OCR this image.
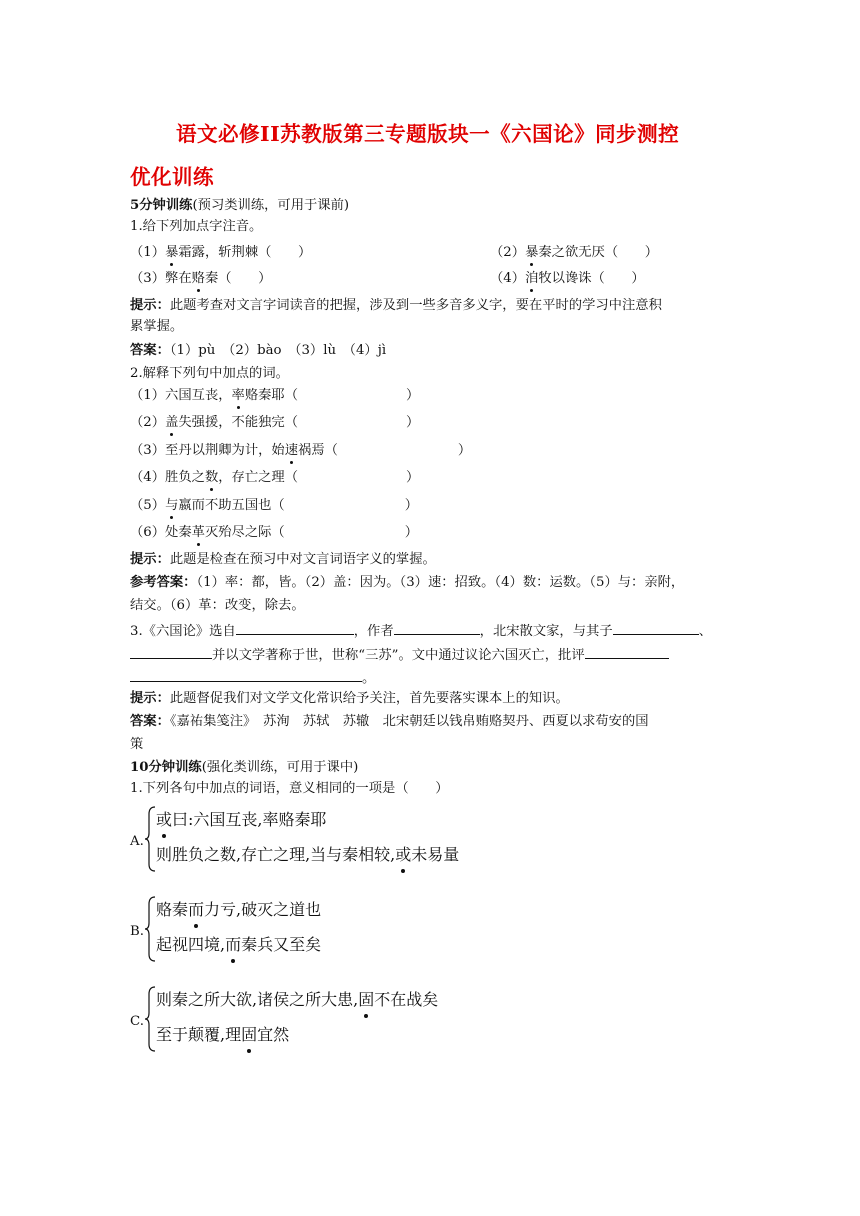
语文必修II苏教版第三专题版块一《六国论》同步测控
优化训练
5分钟训练(预习类训练，可用于课前)
1.给下列加点字注音。
（1）暴霜露，斩荆棘（　　）	（2）暴秦之欲无厌（　　）
（3）弊在赂秦（　　）	（4）洎牧以谗诛（　　）
提示：此题考查对文言字词读音的把握，涉及到一些多音多义字，要在平时的学习中注意积
累掌握。
答案：（1）pù　（2）bào　（3）lù　（4）jì
2.解释下列句中加点的词。
（1）六国互丧，率赂秦耶（	）
（2）盖失强援，不能独完（	）
（3）至丹以荆卿为计，始速祸焉（	）
（4）胜负之数，存亡之理（	）
（5）与嬴而不助五国也（	）
（6）处秦革灭殆尽之际（	）
提示：此题是检查在预习中对文言词语字义的掌握。
参考答案：（1）率：都，皆。（2）盖：因为。（3）速：招致。（4）数：运数。（5）与：亲附，
结交。（6）革：改变，除去。
3.《六国论》选自	，作者	，北宋散文家，与其子	、
并以文学著称于世，世称“三苏”。文中通过议论六国灭亡，批评
。
提示：此题督促我们对文学文化常识给予关注，首先要落实课本上的知识。
答案：《嘉祐集笺注》　苏洵　苏轼　苏辙　北宋朝廷以钱帛贿赂契丹、西夏以求苟安的国
策
10分钟训练(强化类训练，可用于课中)
1.下列各句中加点的词语，意义相同的一项是（　　）
A.
或曰:六国互丧,率赂秦耶
则胜负之数,存亡之理,当与秦相较,或未易量
B.
赂秦而力亏,破灭之道也
起视四境,而秦兵又至矣
C.
则秦之所大欲,诸侯之所大患,固不在战矣
至于颠覆,理固宜然
